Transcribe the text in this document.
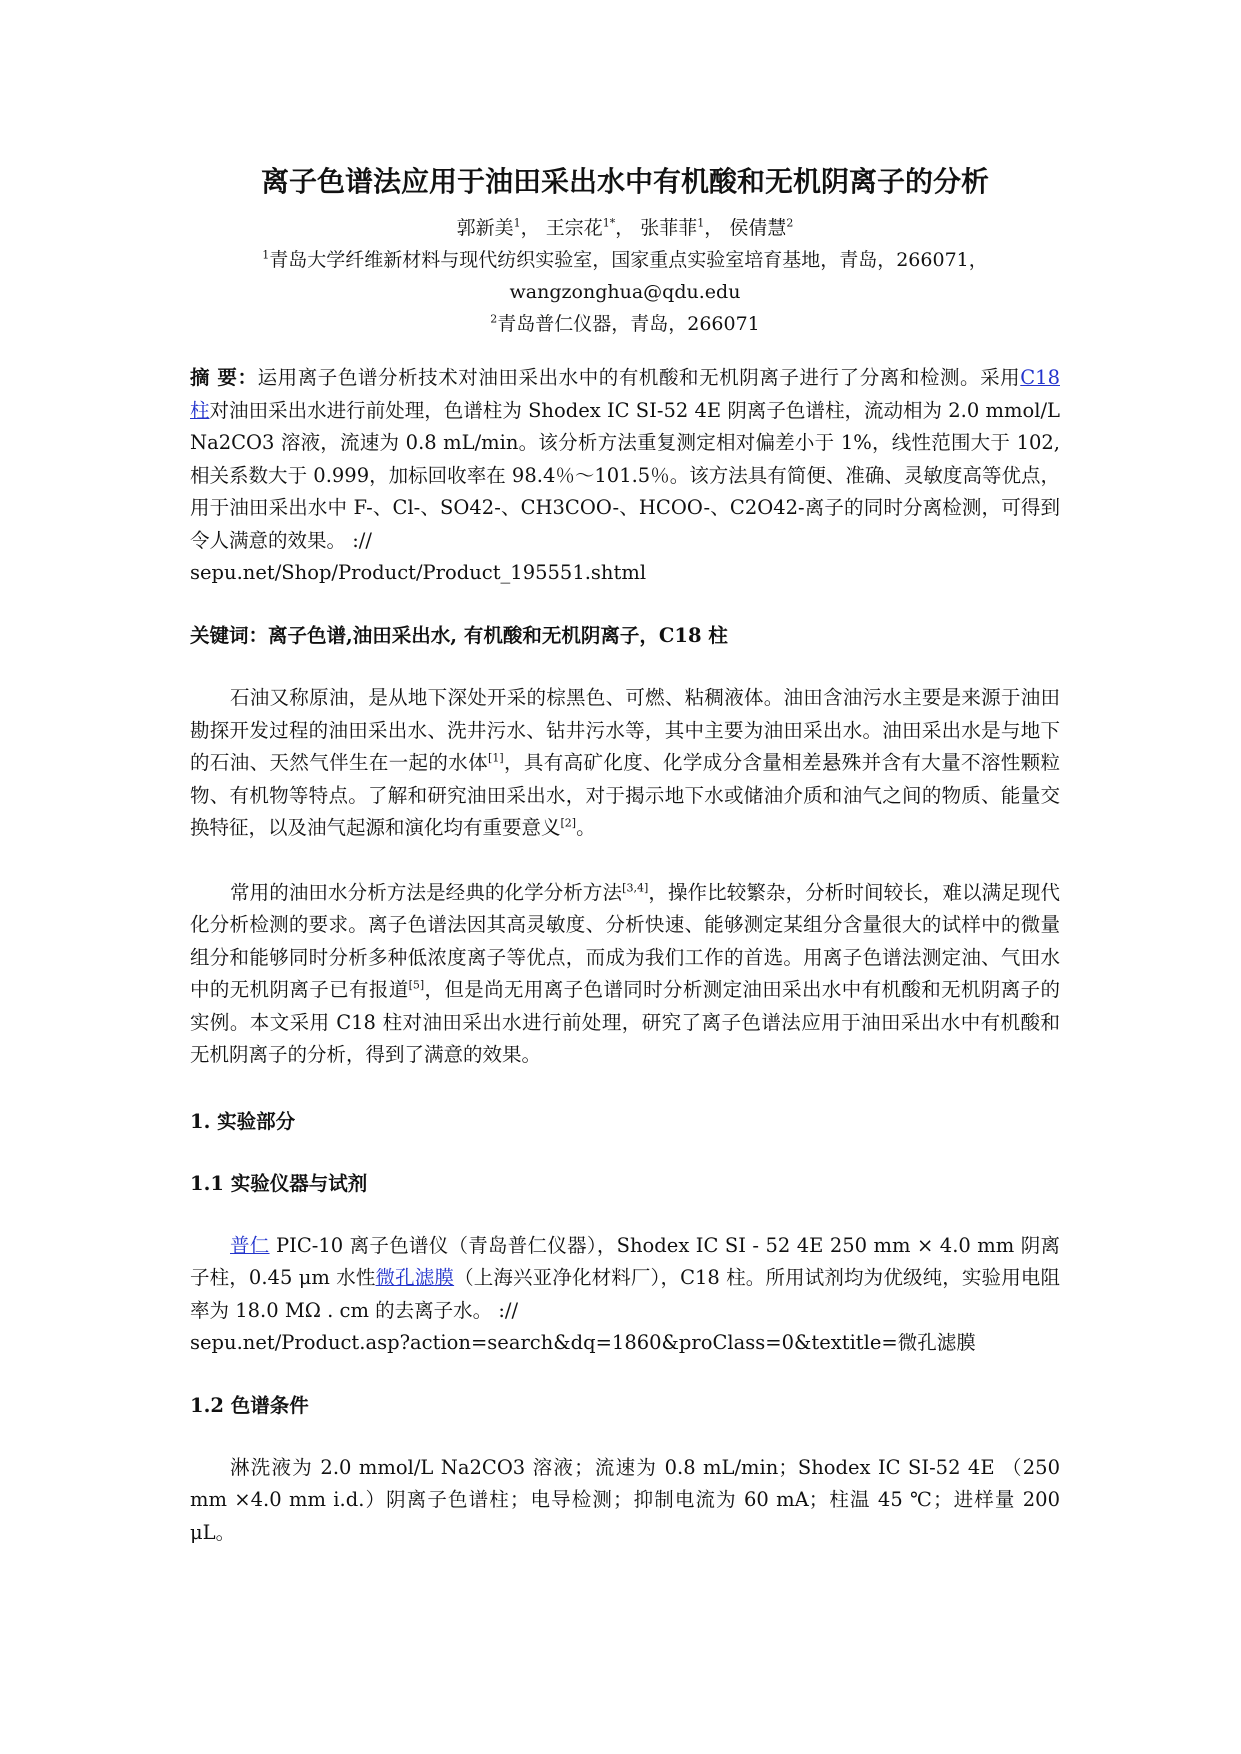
离子色谱法应用于油田采出水中有机酸和无机阴离子的分析
郭新美$^1$， 王宗花$^{1*}$， 张菲菲$^1$， 侯倩慧$^2$
$^1$青岛大学纤维新材料与现代纺织实验室，国家重点实验室培育基地，青岛，266071，
wangzonghua@qdu.edu
$^2$青岛普仁仪器，青岛，266071

摘 要：运用离子色谱分析技术对油田采出水中的有机酸和无机阴离子进行了分离和检测。采用C18 柱对油田采出水进行前处理，色谱柱为 Shodex IC SI-52 4E 阴离子色谱柱，流动相为 2.0 mmol/L Na2CO3 溶液，流速为 0.8 mL/min。该分析方法重复测定相对偏差小于 1%，线性范围大于 102, 相关系数大于 0.999，加标回收率在 98.4％～101.5％。该方法具有简便、准确、灵敏度高等优点，用于油田采出水中 F-、Cl-、SO42-、CH3COO-、HCOO-、C2O42-离子的同时分离检测，可得到令人满意的效果。 ://
sepu.net/Shop/Product/Product_195551.shtml

关键词：离子色谱,油田采出水, 有机酸和无机阴离子，C18 柱

石油又称原油，是从地下深处开采的棕黑色、可燃、粘稠液体。油田含油污水主要是来源于油田勘探开发过程的油田采出水、洗井污水、钻井污水等，其中主要为油田采出水。油田采出水是与地下的石油、天然气伴生在一起的水体[1]，具有高矿化度、化学成分含量相差悬殊并含有大量不溶性颗粒物、有机物等特点。了解和研究油田采出水，对于揭示地下水或储油介质和油气之间的物质、能量交换特征，以及油气起源和演化均有重要意义[2]。

常用的油田水分析方法是经典的化学分析方法[3,4]，操作比较繁杂，分析时间较长，难以满足现代化分析检测的要求。离子色谱法因其高灵敏度、分析快速、能够测定某组分含量很大的试样中的微量组分和能够同时分析多种低浓度离子等优点，而成为我们工作的首选。用离子色谱法测定油、气田水中的无机阴离子已有报道[5]，但是尚无用离子色谱同时分析测定油田采出水中有机酸和无机阴离子的实例。本文采用 C18 柱对油田采出水进行前处理，研究了离子色谱法应用于油田采出水中有机酸和无机阴离子的分析，得到了满意的效果。

1. 实验部分
1.1 实验仪器与试剂

普仁 PIC-10 离子色谱仪（青岛普仁仪器），Shodex IC SI - 52 4E 250 mm × 4.0 mm 阴离子柱，0.45 μm 水性微孔滤膜（上海兴亚净化材料厂），C18 柱。所用试剂均为优级纯，实验用电阻率为 18.0 MΩ . cm 的去离子水。 ://
sepu.net/Product.asp?action=search&dq=1860&proClass=0&textitle=微孔滤膜

1.2 色谱条件

淋洗液为 2.0 mmol/L Na2CO3 溶液；流速为 0.8 mL/min；Shodex IC SI-52 4E （250 mm ×4.0 mm i.d.）阴离子色谱柱；电导检测；抑制电流为 60 mA；柱温 45 ℃；进样量 200 μL。
